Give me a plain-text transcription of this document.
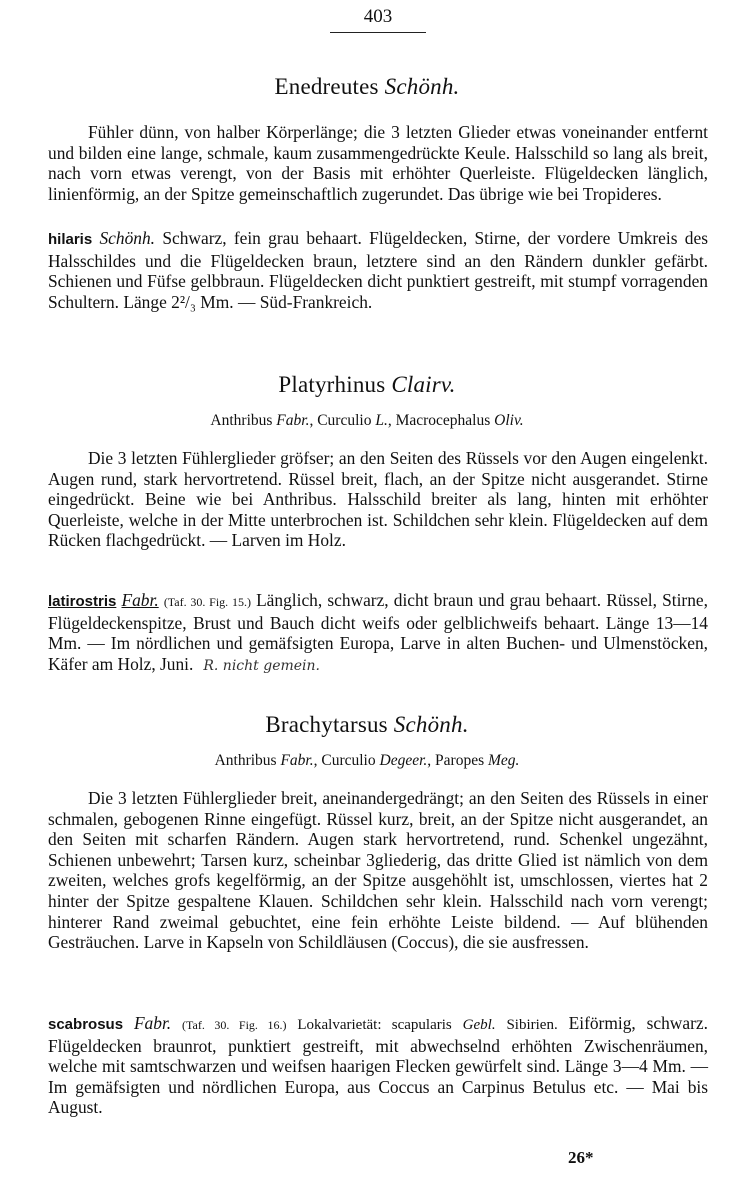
403
Enedreutes Schönh.

Fühler dünn, von halber Körperlänge; die 3 letzten Glieder etwas voneinander entfernt und bilden eine lange, schmale, kaum zusammengedrückte Keule. Halsschild so lang als breit, nach vorn etwas verengt, von der Basis mit erhöhter Querleiste. Flügeldecken länglich, linienförmig, an der Spitze gemeinschaftlich zugerundet. Das übrige wie bei Tropideres.

hilaris Schönh. Schwarz, fein grau behaart. Flügeldecken, Stirne, der vordere Umkreis des Halsschildes und die Flügeldecken braun, letztere sind an den Rändern dunkler gefärbt. Schienen und Füfse gelbbraun. Flügeldecken dicht punktiert gestreift, mit stumpf vorragenden Schultern. Länge 2²/₃ Mm. — Süd-Frankreich.

Platyrhinus Clairv.
Anthribus Fabr., Curculio L., Macrocephalus Oliv.

Die 3 letzten Fühlerglieder gröfser; an den Seiten des Rüssels vor den Augen eingelenkt. Augen rund, stark hervortretend. Rüssel breit, flach, an der Spitze nicht ausgerandet. Stirne eingedrückt. Beine wie bei Anthribus. Halsschild breiter als lang, hinten mit erhöhter Querleiste, welche in der Mitte unterbrochen ist. Schildchen sehr klein. Flügeldecken auf dem Rücken flachgedrückt. — Larven im Holz.

latirostris Fabr. (Taf. 30. Fig. 15.) Länglich, schwarz, dicht braun und grau behaart. Rüssel, Stirne, Flügeldeckenspitze, Brust und Bauch dicht weifs oder gelblichweifs behaart. Länge 13—14 Mm. — Im nördlichen und gemäfsigten Europa, Larve in alten Buchen- und Ulmenstöcken, Käfer am Holz, Juni. R. nicht gemein.

Brachytarsus Schönh.
Anthribus Fabr., Curculio Degeer., Paropes Meg.

Die 3 letzten Fühlerglieder breit, aneinandergedrängt; an den Seiten des Rüssels in einer schmalen, gebogenen Rinne eingefügt. Rüssel kurz, breit, an der Spitze nicht ausgerandet, an den Seiten mit scharfen Rändern. Augen stark hervortretend, rund. Schenkel ungezähnt, Schienen unbewehrt; Tarsen kurz, scheinbar 3gliederig, das dritte Glied ist nämlich von dem zweiten, welches grofs kegelförmig, an der Spitze ausgehöhlt ist, umschlossen, viertes hat 2 hinter der Spitze gespaltene Klauen. Schildchen sehr klein. Halsschild nach vorn verengt; hinterer Rand zweimal gebuchtet, eine fein erhöhte Leiste bildend. — Auf blühenden Gesträuchen. Larve in Kapseln von Schildläusen (Coccus), die sie ausfressen.

scabrosus Fabr. (Taf. 30. Fig. 16.) Lokalvarietät: scapularis Gebl. Sibirien. Eiförmig, schwarz. Flügeldecken braunrot, punktiert gestreift, mit abwechselnd erhöhten Zwischenräumen, welche mit samtschwarzen und weifsen haarigen Flecken gewürfelt sind. Länge 3—4 Mm. — Im gemäfsigten und nördlichen Europa, aus Coccus an Carpinus Betulus etc. — Mai bis August.

26*
